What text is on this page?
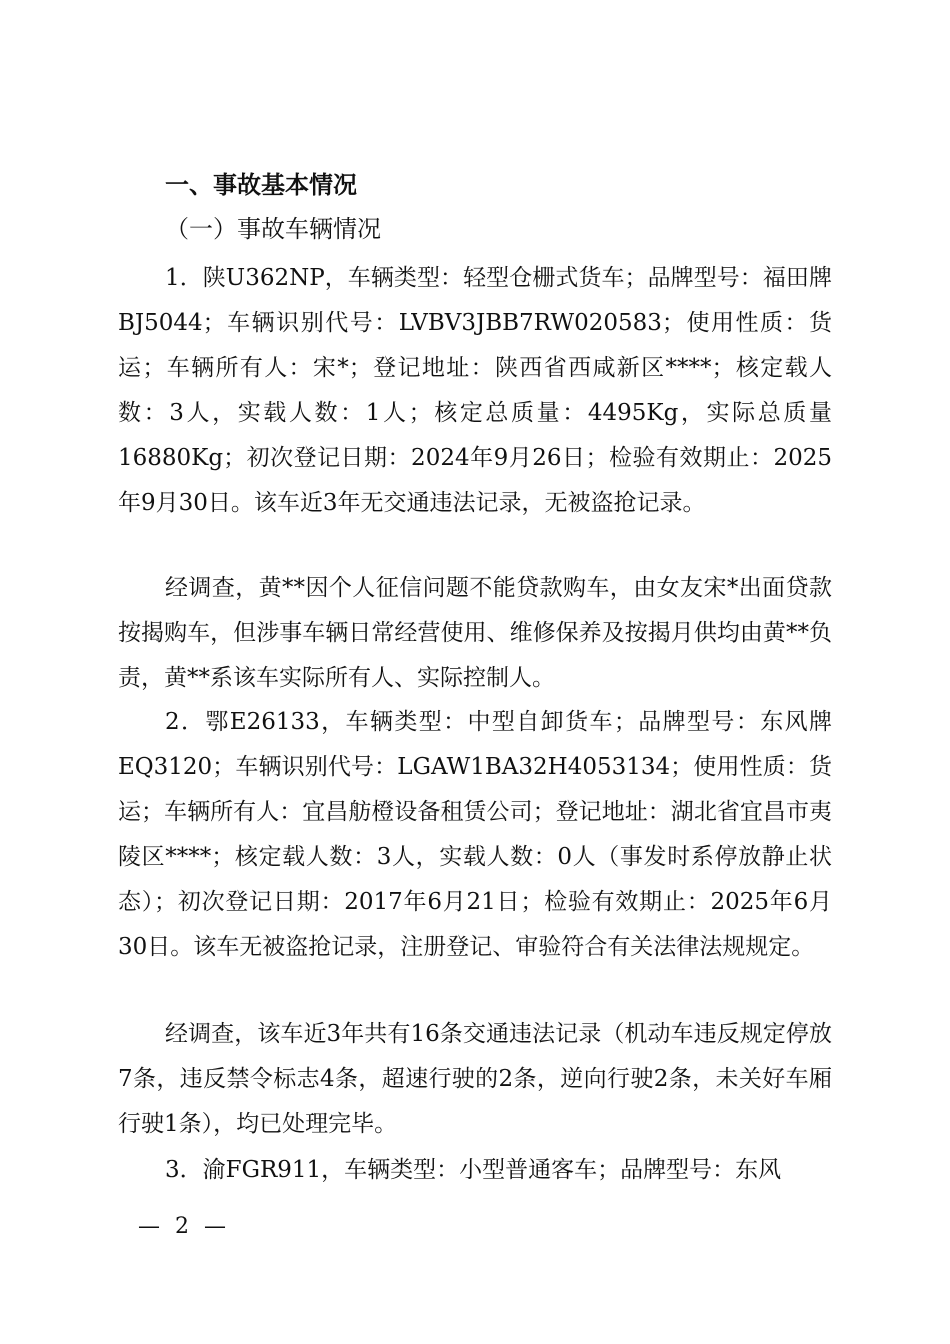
一、事故基本情况
（一）事故车辆情况

1．陕U362NP，车辆类型：轻型仓栅式货车；品牌型号：福田牌BJ5044；车辆识别代号：LVBV3JBB7RW020583；使用性质：货运；车辆所有人：宋*；登记地址：陕西省西咸新区****；核定载人数：3人，实载人数：1人；核定总质量：4495Kg，实际总质量16880Kg；初次登记日期：2024年9月26日；检验有效期止：2025年9月30日。该车近3年无交通违法记录，无被盗抢记录。

经调查，黄**因个人征信问题不能贷款购车，由女友宋*出面贷款按揭购车，但涉事车辆日常经营使用、维修保养及按揭月供均由黄**负责，黄**系该车实际所有人、实际控制人。

2．鄂E26133，车辆类型：中型自卸货车；品牌型号：东风牌EQ3120；车辆识别代号：LGAW1BA32H4053134；使用性质：货运；车辆所有人：宜昌舫橙设备租赁公司；登记地址：湖北省宜昌市夷陵区****；核定载人数：3人，实载人数：0人（事发时系停放静止状态）；初次登记日期：2017年6月21日；检验有效期止：2025年6月30日。该车无被盗抢记录，注册登记、审验符合有关法律法规规定。

经调查，该车近3年共有16条交通违法记录（机动车违反规定停放7条，违反禁令标志4条，超速行驶的2条，逆向行驶2条，未关好车厢行驶1条），均已处理完毕。

3．渝FGR911，车辆类型：小型普通客车；品牌型号：东风

— 2 —
